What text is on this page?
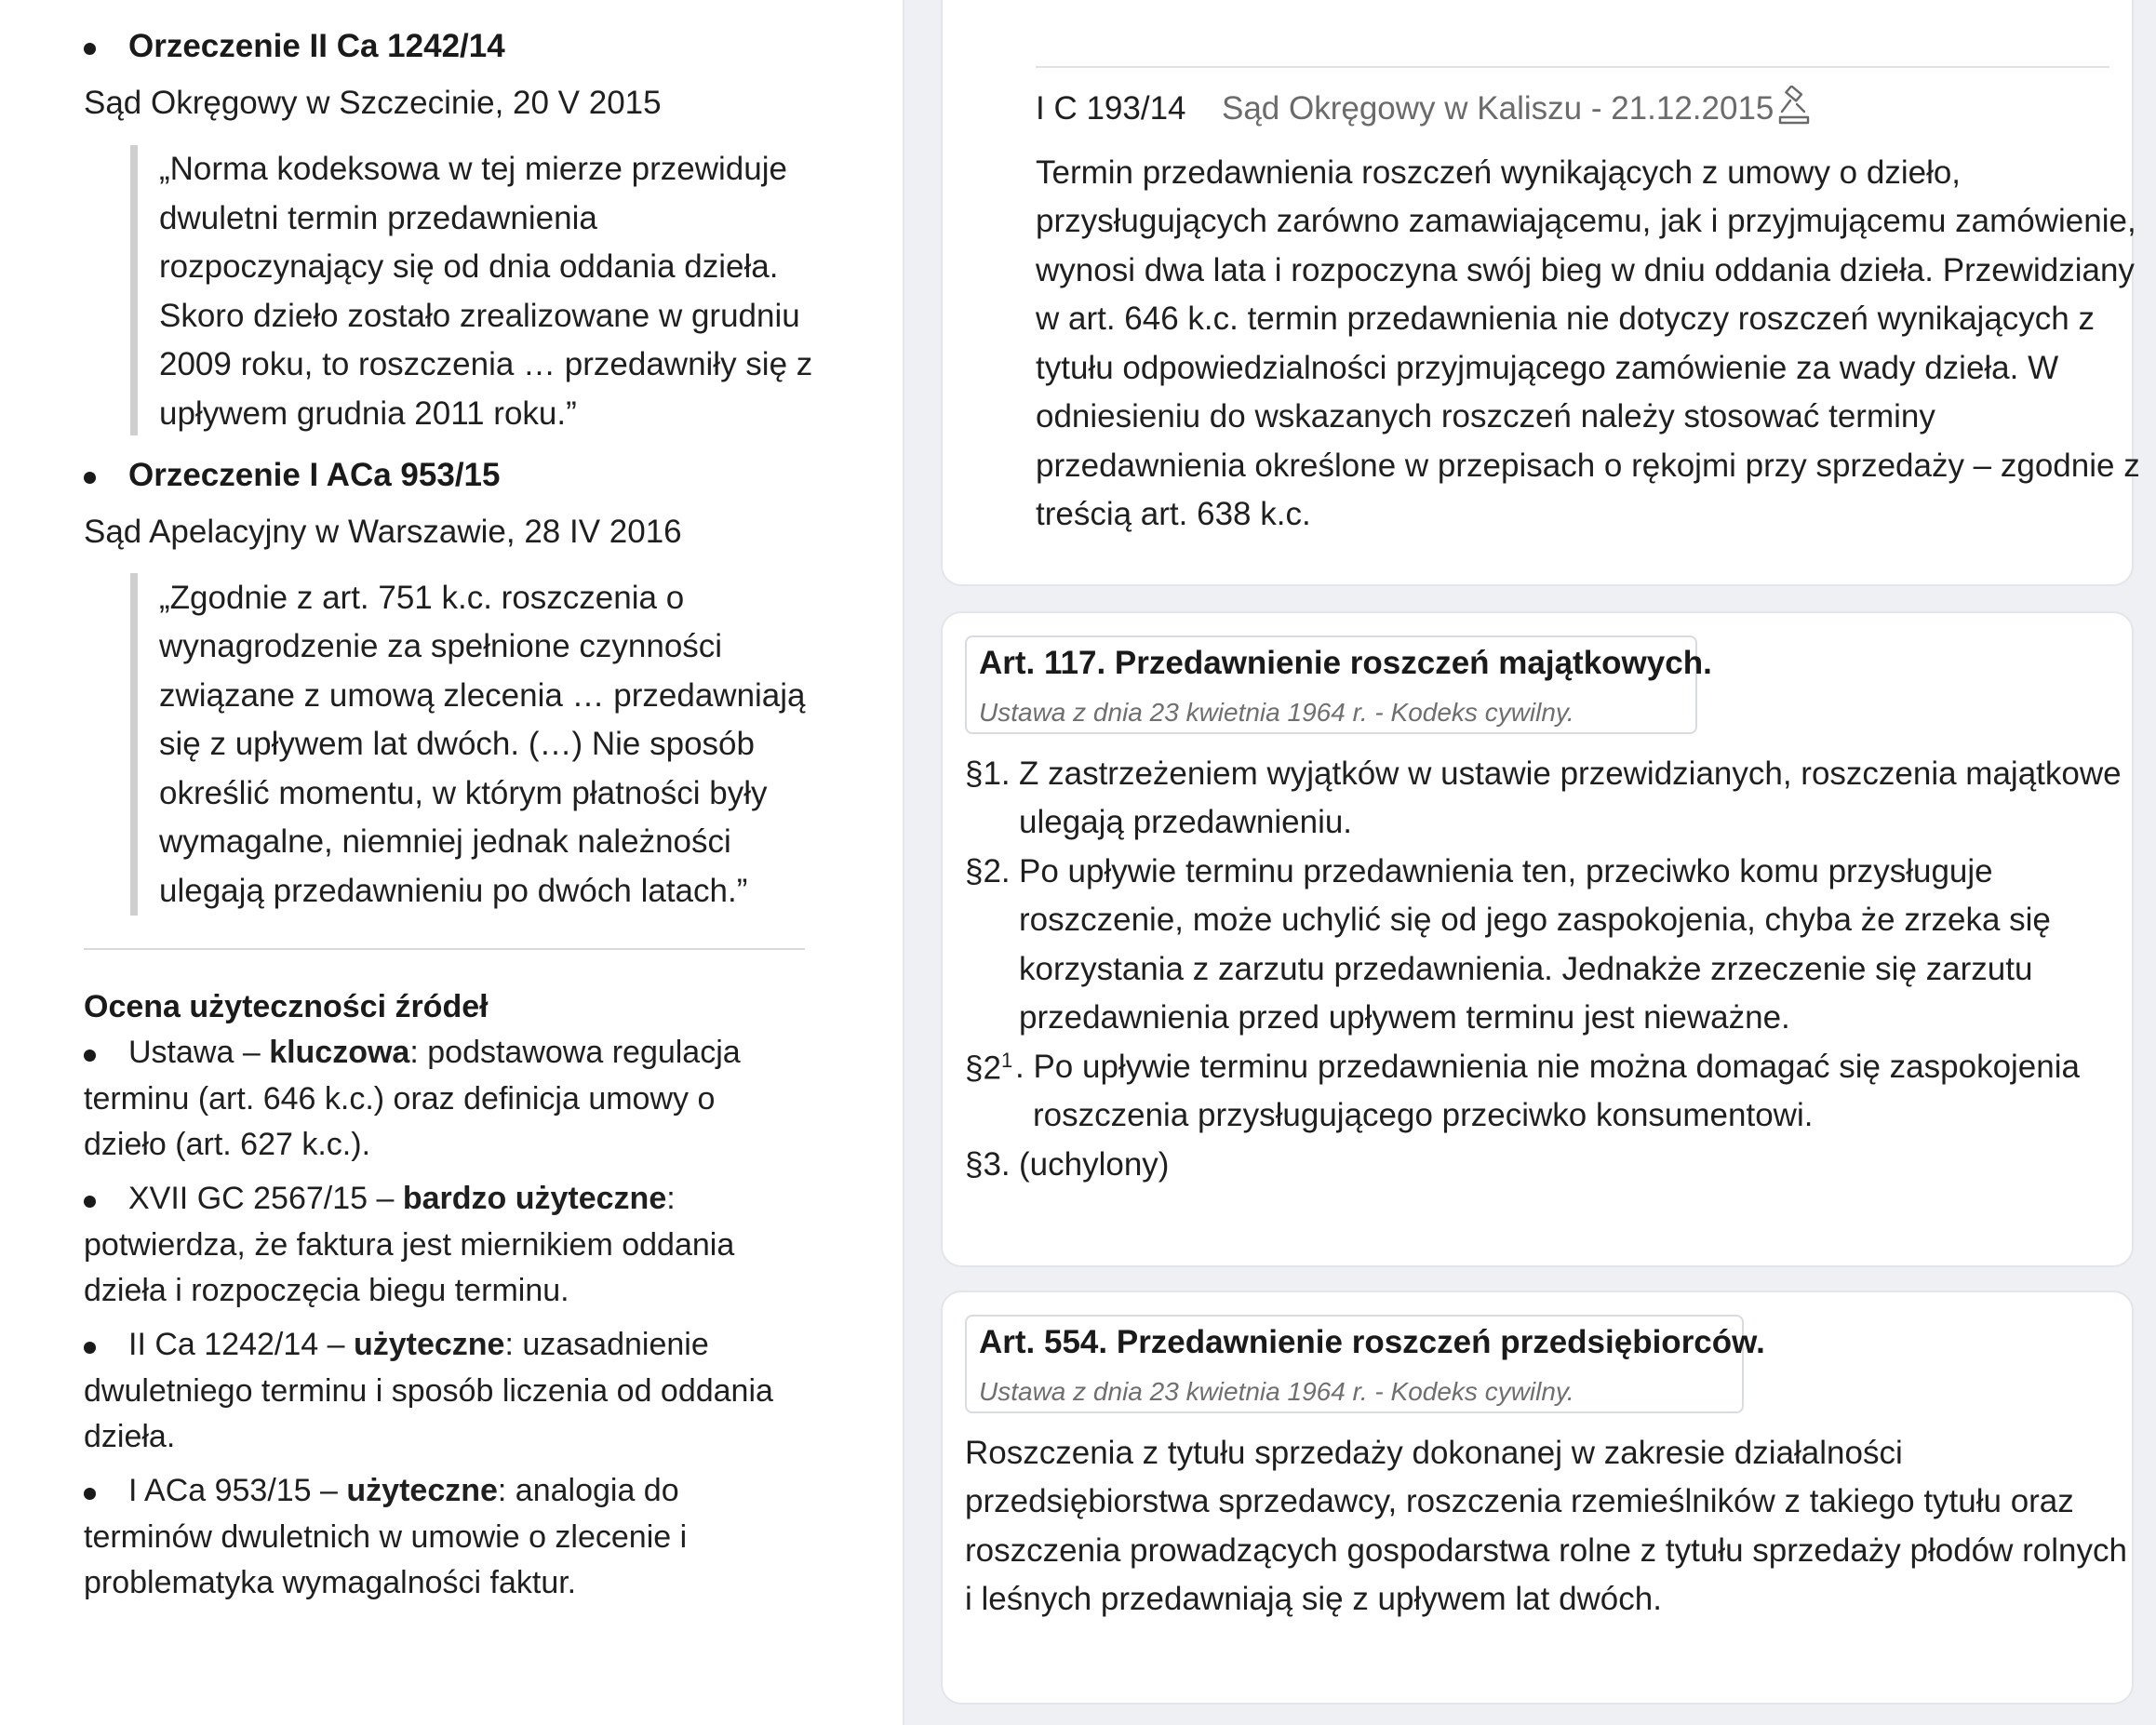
Orzeczenie II Ca 1242/14
Sąd Okręgowy w Szczecinie, 20 V 2015
„Norma kodeksowa w tej mierze przewiduje
dwuletni termin przedawnienia
rozpoczynający się od dnia oddania dzieła.
Skoro dzieło zostało zrealizowane w grudniu
2009 roku, to roszczenia … przedawniły się z
upływem grudnia 2011 roku.”
Orzeczenie I ACa 953/15
Sąd Apelacyjny w Warszawie, 28 IV 2016
„Zgodnie z art. 751 k.c. roszczenia o
wynagrodzenie za spełnione czynności
związane z umową zlecenia … przedawniają
się z upływem lat dwóch. (…) Nie sposób
określić momentu, w którym płatności były
wymagalne, niemniej jednak należności
ulegają przedawnieniu po dwóch latach.”
Ocena użyteczności źródeł
Ustawa – kluczowa: podstawowa regulacja
terminu (art. 646 k.c.) oraz definicja umowy o
dzieło (art. 627 k.c.).
XVII GC 2567/15 – bardzo użyteczne:
potwierdza, że faktura jest miernikiem oddania
dzieła i rozpoczęcia biegu terminu.
II Ca 1242/14 – użyteczne: uzasadnienie
dwuletniego terminu i sposób liczenia od oddania
dzieła.
I ACa 953/15 – użyteczne: analogia do
terminów dwuletnich w umowie o zlecenie i
problematyka wymagalności faktur.
I C 193/14 Sąd Okręgowy w Kaliszu - 21.12.2015
Termin przedawnienia roszczeń wynikających z umowy o dzieło,
przysługujących zarówno zamawiającemu, jak i przyjmującemu zamówienie,
wynosi dwa lata i rozpoczyna swój bieg w dniu oddania dzieła. Przewidziany
w art. 646 k.c. termin przedawnienia nie dotyczy roszczeń wynikających z
tytułu odpowiedzialności przyjmującego zamówienie za wady dzieła. W
odniesieniu do wskazanych roszczeń należy stosować terminy
przedawnienia określone w przepisach o rękojmi przy sprzedaży – zgodnie z
treścią art. 638 k.c.
Art. 117. Przedawnienie roszczeń majątkowych.
Ustawa z dnia 23 kwietnia 1964 r. - Kodeks cywilny.
§1. Z zastrzeżeniem wyjątków w ustawie przewidzianych, roszczenia majątkowe
ulegają przedawnieniu.
§2. Po upływie terminu przedawnienia ten, przeciwko komu przysługuje
roszczenie, może uchylić się od jego zaspokojenia, chyba że zrzeka się
korzystania z zarzutu przedawnienia. Jednakże zrzeczenie się zarzutu
przedawnienia przed upływem terminu jest nieważne.
$\S 2^1$ . Po upływie terminu przedawnienia nie można domagać się zaspokojenia
roszczenia przysługującego przeciwko konsumentowi.
§3. (uchylony)
Art. 554. Przedawnienie roszczeń przedsiębiorców.
Ustawa z dnia 23 kwietnia 1964 r. - Kodeks cywilny.
Roszczenia z tytułu sprzedaży dokonanej w zakresie działalności
przedsiębiorstwa sprzedawcy, roszczenia rzemieślników z takiego tytułu oraz
roszczenia prowadzących gospodarstwa rolne z tytułu sprzedaży płodów rolnych
i leśnych przedawniają się z upływem lat dwóch.
